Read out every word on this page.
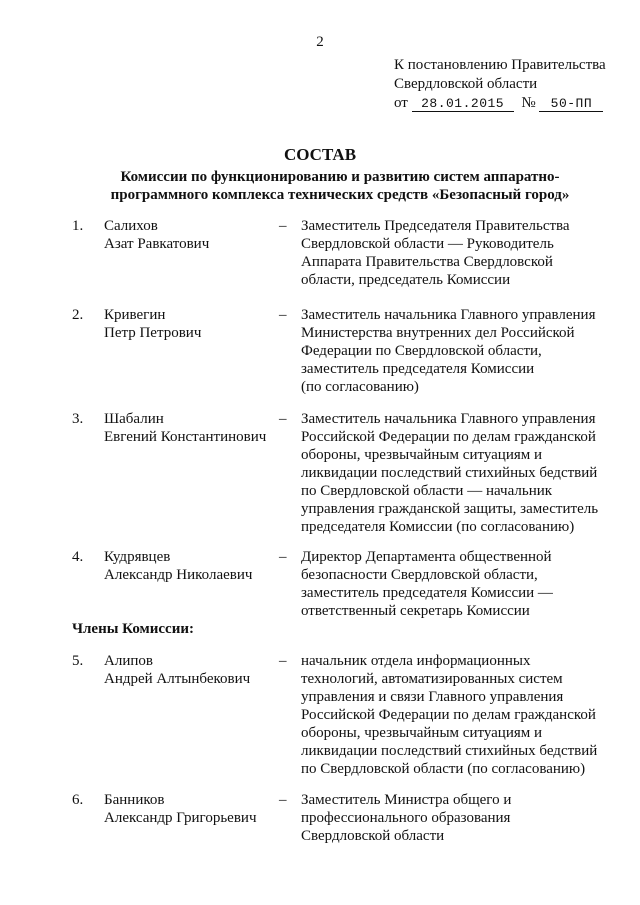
2
К постановлению Правительства
Свердловской области
от 28.01.2015 № 50-ПП
СОСТАВ
Комиссии по функционированию и развитию систем аппаратно-
программного комплекса технических средств «Безопасный город»
1. Салихов
Азат Равкатович
– Заместитель Председателя Правительства
Свердловской области — Руководитель
Аппарата Правительства Свердловской
области, председатель Комиссии
2. Кривегин
Петр Петрович
– Заместитель начальника Главного управления
Министерства внутренних дел Российской
Федерации по Свердловской области,
заместитель председателя Комиссии
(по согласованию)
3. Шабалин
Евгений Константинович
– Заместитель начальника Главного управления
Российской Федерации по делам гражданской
обороны, чрезвычайным ситуациям и
ликвидации последствий стихийных бедствий
по Свердловской области — начальник
управления гражданской защиты, заместитель
председателя Комиссии (по согласованию)
4. Кудрявцев
Александр Николаевич
– Директор Департамента общественной
безопасности Свердловской области,
заместитель председателя Комиссии —
ответственный секретарь Комиссии
Члены Комиссии:
5. Алипов
Андрей Алтынбекович
– начальник отдела информационных
технологий, автоматизированных систем
управления и связи Главного управления
Российской Федерации по делам гражданской
обороны, чрезвычайным ситуациям и
ликвидации последствий стихийных бедствий
по Свердловской области (по согласованию)
6. Банников
Александр Григорьевич
– Заместитель Министра общего и
профессионального образования
Свердловской области
